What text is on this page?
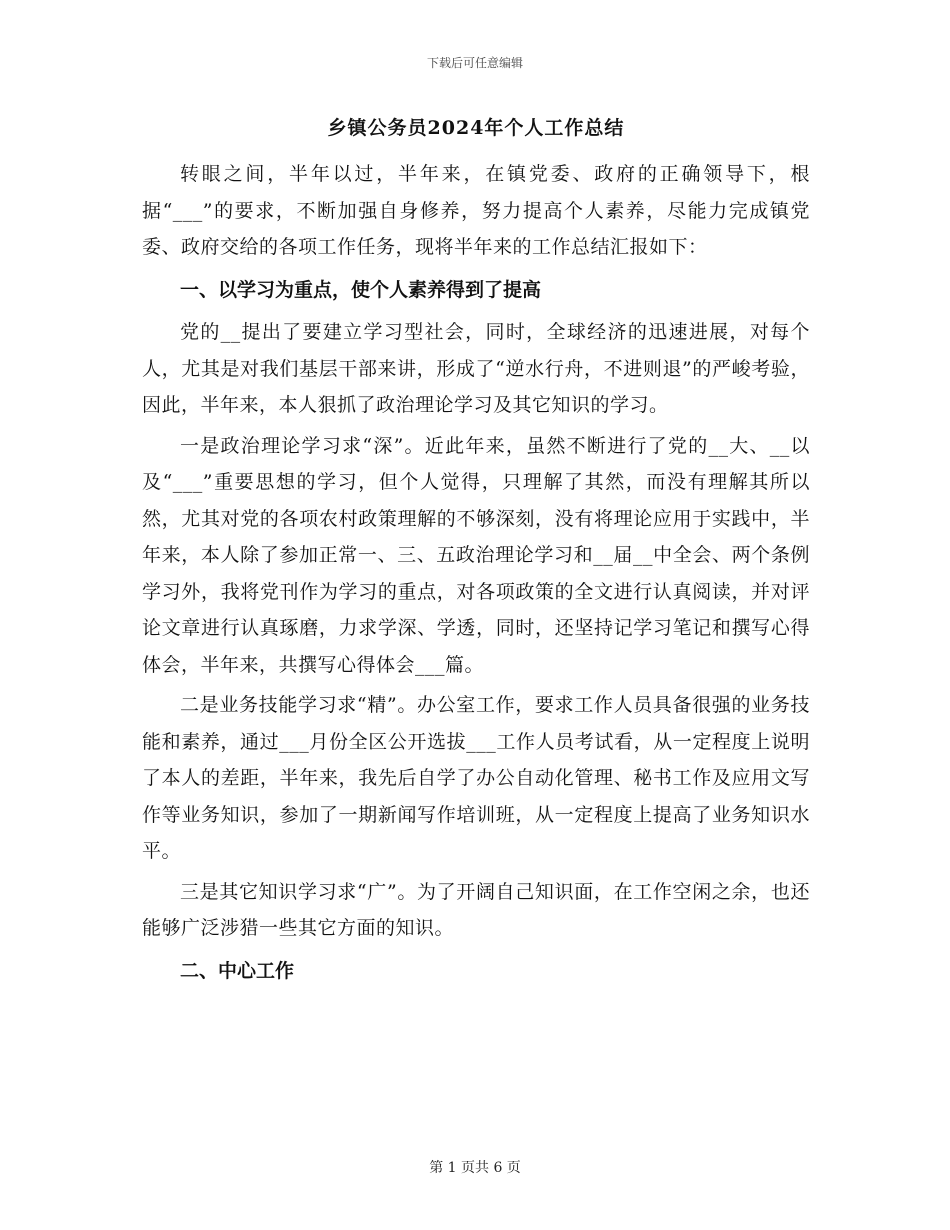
下载后可任意编辑
乡镇公务员2024年个人工作总结

转眼之间，半年以过，半年来，在镇党委、政府的正确领导下，根据“___”的要求，不断加强自身修养，努力提高个人素养，尽能力完成镇党委、政府交给的各项工作任务，现将半年来的工作总结汇报如下：

一、以学习为重点，使个人素养得到了提高

党的__提出了要建立学习型社会，同时，全球经济的迅速进展，对每个人，尤其是对我们基层干部来讲，形成了“逆水行舟，不进则退”的严峻考验，因此，半年来，本人狠抓了政治理论学习及其它知识的学习。

一是政治理论学习求“深”。近此年来，虽然不断进行了党的__大、__以及“___”重要思想的学习，但个人觉得，只理解了其然，而没有理解其所以然，尤其对党的各项农村政策理解的不够深刻，没有将理论应用于实践中，半年来，本人除了参加正常一、三、五政治理论学习和__届__中全会、两个条例学习外，我将党刊作为学习的重点，对各项政策的全文进行认真阅读，并对评论文章进行认真琢磨，力求学深、学透，同时，还坚持记学习笔记和撰写心得体会，半年来，共撰写心得体会___篇。

二是业务技能学习求“精”。办公室工作，要求工作人员具备很强的业务技能和素养，通过___月份全区公开选拔___工作人员考试看，从一定程度上说明了本人的差距，半年来，我先后自学了办公自动化管理、秘书工作及应用文写作等业务知识，参加了一期新闻写作培训班，从一定程度上提高了业务知识水平。

三是其它知识学习求“广”。为了开阔自己知识面，在工作空闲之余，也还能够广泛涉猎一些其它方面的知识。

二、中心工作
第 1 页共 6 页
